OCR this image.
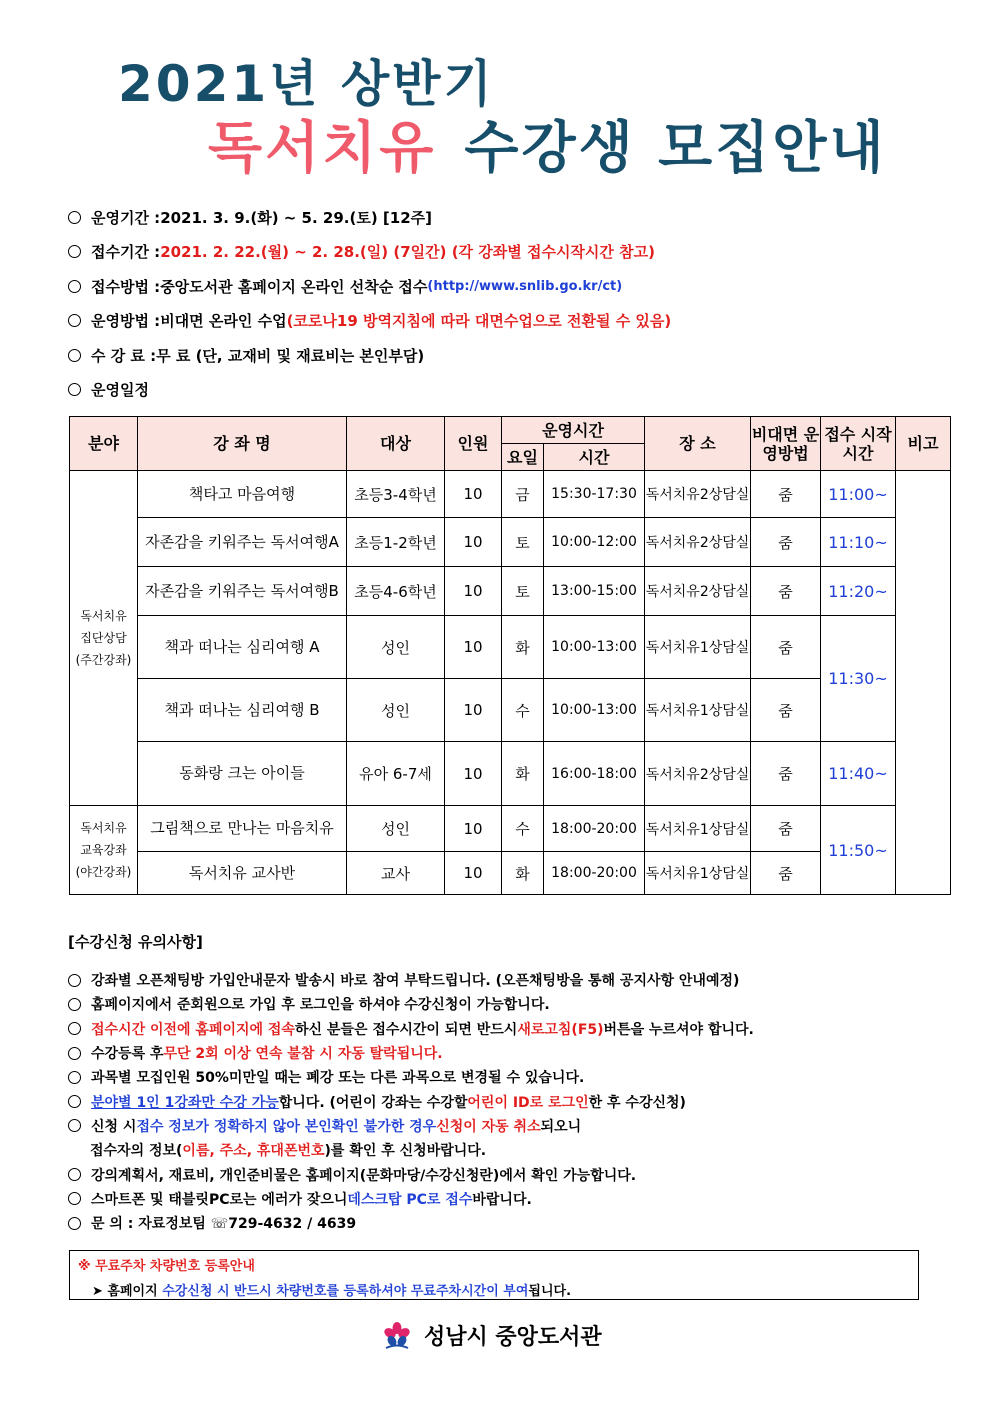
2021년 상반기
독서치유 수강생 모집안내
운영기간 : 2021. 3. 9.(화) ~ 5. 29.(토) [12주]
접수기간 : 2021. 2. 22.(월) ~ 2. 28.(일) (7일간) (각 강좌별 접수시작시간 참고)
접수방법 : 중앙도서관 홈페이지 온라인 선착순 접수 (http://www.snlib.go.kr/ct)
운영방법 : 비대면 온라인 수업 (코로나19 방역지침에 따라 대면수업으로 전환될 수 있음)
수 강 료 : 무 료 (단, 교재비 및 재료비는 본인부담)
운영일정
분야	강 좌 명	대상	인원	운영시간		장 소	비대면 운영방법	접수 시작시간	비고
				요일	시간				

독서치유
집단상담
(주간강좌)	책타고 마음여행	초등3-4학년	10	금	15:30-17:30	독서치유2상담실	줌	11:00~	
	자존감을 키워주는 독서여행A	초등1-2학년	10	토	10:00-12:00	독서치유2상담실	줌	11:10~	
	자존감을 키워주는 독서여행B	초등4-6학년	10	토	13:00-15:00	독서치유2상담실	줌	11:20~	
	책과 떠나는 심리여행 A	성인	10	화	10:00-13:00	독서치유1상담실	줌	11:30~	
	책과 떠나는 심리여행 B	성인	10	수	10:00-13:00	독서치유1상담실	줌		
	동화랑 크는 아이들	유아 6-7세	10	화	16:00-18:00	독서치유2상담실	줌	11:40~	

독서치유
교육강좌
(야간강좌)	그림책으로 만나는 마음치유	성인	10	수	18:00-20:00	독서치유1상담실	줌	11:50~	
	독서치유 교사반	교사	10	화	18:00-20:00	독서치유1상담실	줌		
[수강신청 유의사항]
강좌별 오픈채팅방 가입안내문자 발송시 바로 참여 부탁드립니다. (오픈채팅방을 통해 공지사항 안내예정)
홈페이지에서 준회원으로 가입 후 로그인을 하셔야 수강신청이 가능합니다.
접수시간 이전에 홈페이지에 접속 하신 분들은 접수시간이 되면 반드시 새로고침(F5) 버튼을 누르셔야 합니다.
수강등록 후 무단 2회 이상 연속 불참 시 자동 탈락됩니다.
과목별 모집인원 50%미만일 때는 폐강 또는 다른 과목으로 변경될 수 있습니다.
분야별 1인 1강좌만 수강 가능 합니다. (어린이 강좌는 수강할 어린이 ID로 로그인 한 후 수강신청)
신청 시 접수 정보가 정확하지 않아 본인확인 불가한 경우 신청이 자동 취소 되오니
접수자의 정보( 이름, 주소, 휴대폰번호 )를 확인 후 신청바랍니다.
강의계획서, 재료비, 개인준비물은 홈페이지(문화마당/수강신청란)에서 확인 가능합니다.
스마트폰 및 태블릿PC로는 에러가 잦으니 데스크탑 PC로 접수 바랍니다.
문 의 : 자료정보팀 ☏729-4632 / 4639
※ 무료주차 차량번호 등록안내
➤ 홈페이지 수강신청 시 반드시 차량번호를 등록하셔야 무료주차시간이 부여됩니다.
성남시 중앙도서관
